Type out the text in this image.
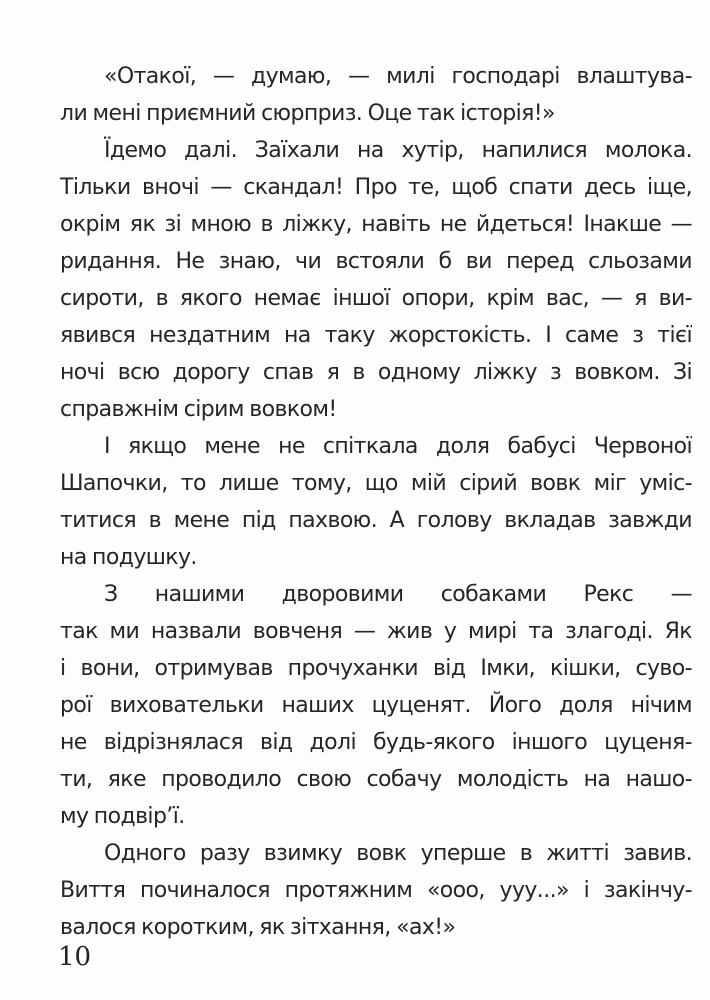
«Отакої, — думаю, — милі господарі влаштува-
ли мені приємний сюрприз. Оце так історія!»
Їдемо далі. Заїхали на хутір, напилися молока.
Тільки вночі — скандал! Про те, щоб спати десь іще,
окрім як зі мною в ліжку, навіть не йдеться! Інакше —
ридання. Не знаю, чи встояли б ви перед сльозами
сироти, в якого немає іншої опори, крім вас, — я ви-
явився нездатним на таку жорстокість. І саме з тієї
ночі всю дорогу спав я в одному ліжку з вовком. Зі
справжнім сірим вовком!
І якщо мене не спіткала доля бабусі Червоної
Шапочки, то лише тому, що мій сірий вовк міг уміс-
титися в мене під пахвою. А голову вкладав завжди
на подушку.
З нашими дворовими собаками Рекс —
так ми назвали вовченя — жив у мирі та злагоді. Як
і вони, отримував прочуханки від Імки, кішки, суво-
рої виховательки наших цуценят. Його доля нічим
не відрізнялася від долі будь-якого іншого цуценя-
ти, яке проводило свою собачу молодість на нашо-
му подвір’ї.
Одного разу взимку вовк уперше в житті завив.
Виття починалося протяжним «ооо, ууу...» і закінчу-
валося коротким, як зітхання, «ах!»
10
